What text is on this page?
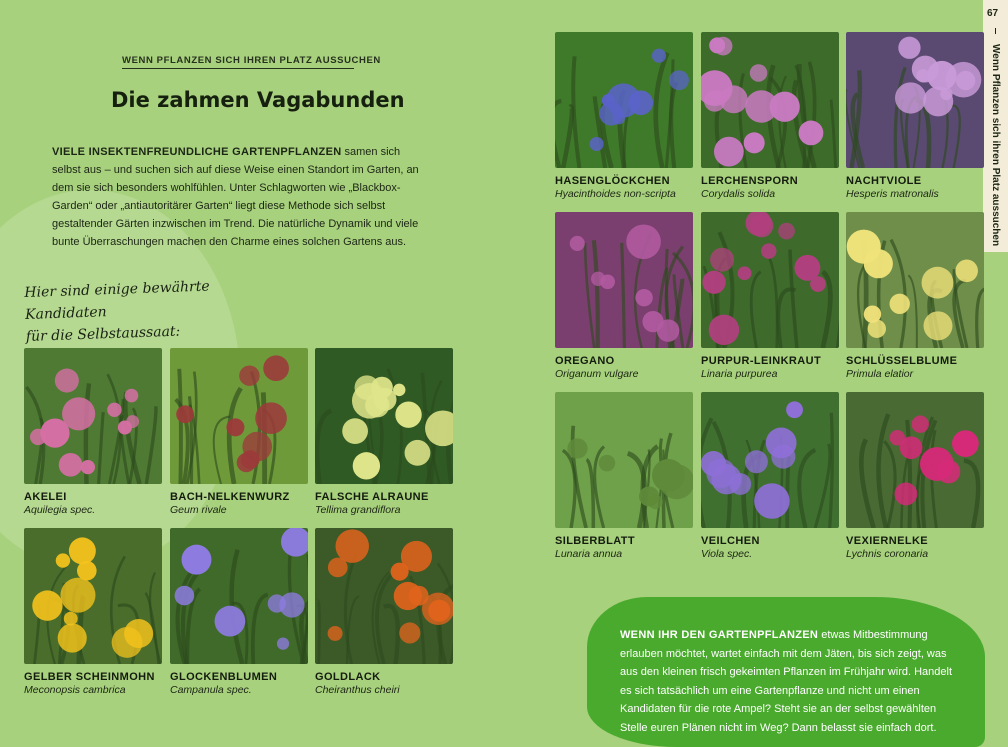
WENN PFLANZEN SICH IHREN PLATZ AUSSUCHEN
Die zahmen Vagabunden

VIELE INSEKTENFREUNDLICHE GARTENPFLANZEN samen sich selbst aus – und suchen sich auf diese Weise einen Standort im Garten, an dem sie sich besonders wohlfühlen. Unter Schlagworten wie „Blackbox-Garden“ oder „antiautoritärer Garten“ liegt diese Methode sich selbst gestaltender Gärten inzwischen im Trend. Die natürliche Dynamik und viele bunte Überraschungen machen den Charme eines solchen Gartens aus.

Hier sind einige bewährte Kandidaten
für die Selbstaussaat:
67
Wenn Pflanzen sich ihren Platz aussuchen
AKELEI
Aquilegia spec.
BACH-NELKENWURZ
Geum rivale
FALSCHE ALRAUNE
Tellima grandiflora
GELBER SCHEINMOHN
Meconopsis cambrica
GLOCKENBLUMEN
Campanula spec.
GOLDLACK
Cheiranthus cheiri
HASENGLÖCKCHEN
Hyacinthoides non-scripta
LERCHENSPORN
Corydalis solida
NACHTVIOLE
Hesperis matronalis
OREGANO
Origanum vulgare
PURPUR-LEINKRAUT
Linaria purpurea
SCHLÜSSELBLUME
Primula elatior
SILBERBLATT
Lunaria annua
VEILCHEN
Viola spec.
VEXIERNELKE
Lychnis coronaria

WENN IHR DEN GARTENPFLANZEN etwas Mitbestimmung erlauben möchtet, wartet einfach mit dem Jäten, bis sich zeigt, was aus den kleinen frisch gekeimten Pflanzen im Frühjahr wird. Handelt es sich tatsächlich um eine Gartenpflanze und nicht um einen Kandidaten für die rote Ampel? Steht sie an der selbst gewählten Stelle euren Plänen nicht im Weg? Dann belasst sie einfach dort.
